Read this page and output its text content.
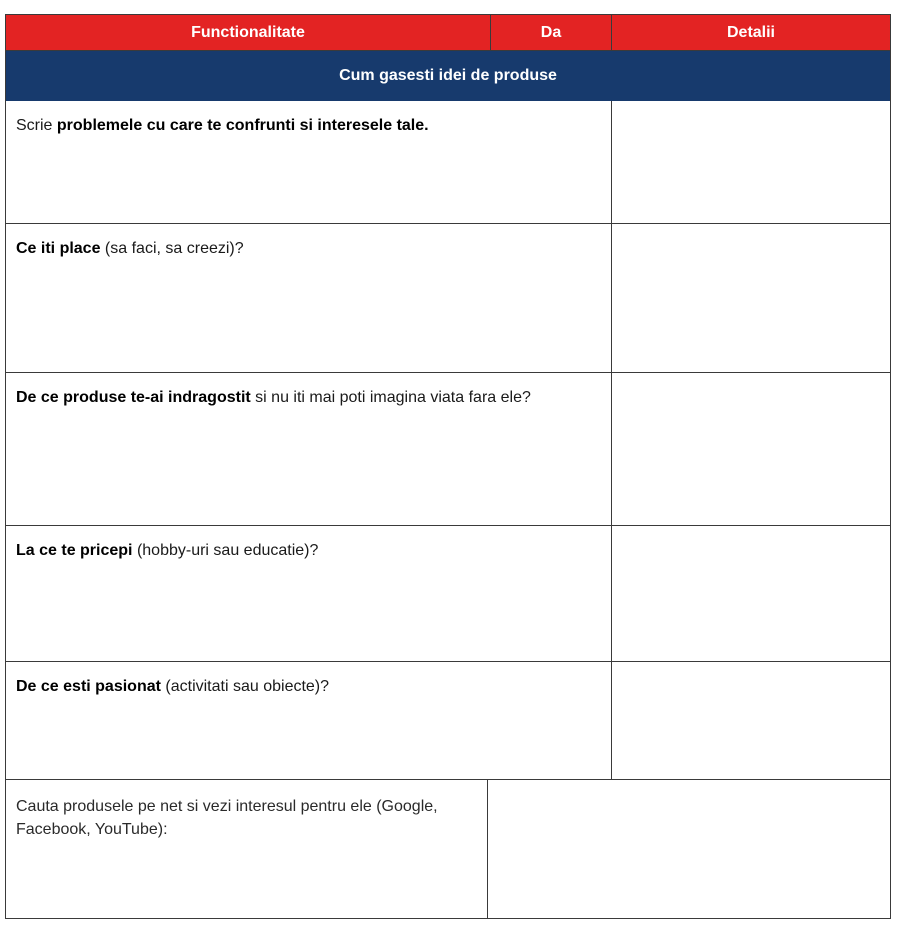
Functionalitate	Da	Detalii
Cum gasesti idei de produse
Scrie problemele cu care te confrunti si interesele tale.
Ce iti place (sa faci, sa creezi)?
De ce produse te-ai indragostit si nu iti mai poti imagina viata fara ele?
La ce te pricepi (hobby-uri sau educatie)?
De ce esti pasionat (activitati sau obiecte)?
Cauta produsele pe net si vezi interesul pentru ele (Google, Facebook, YouTube):
